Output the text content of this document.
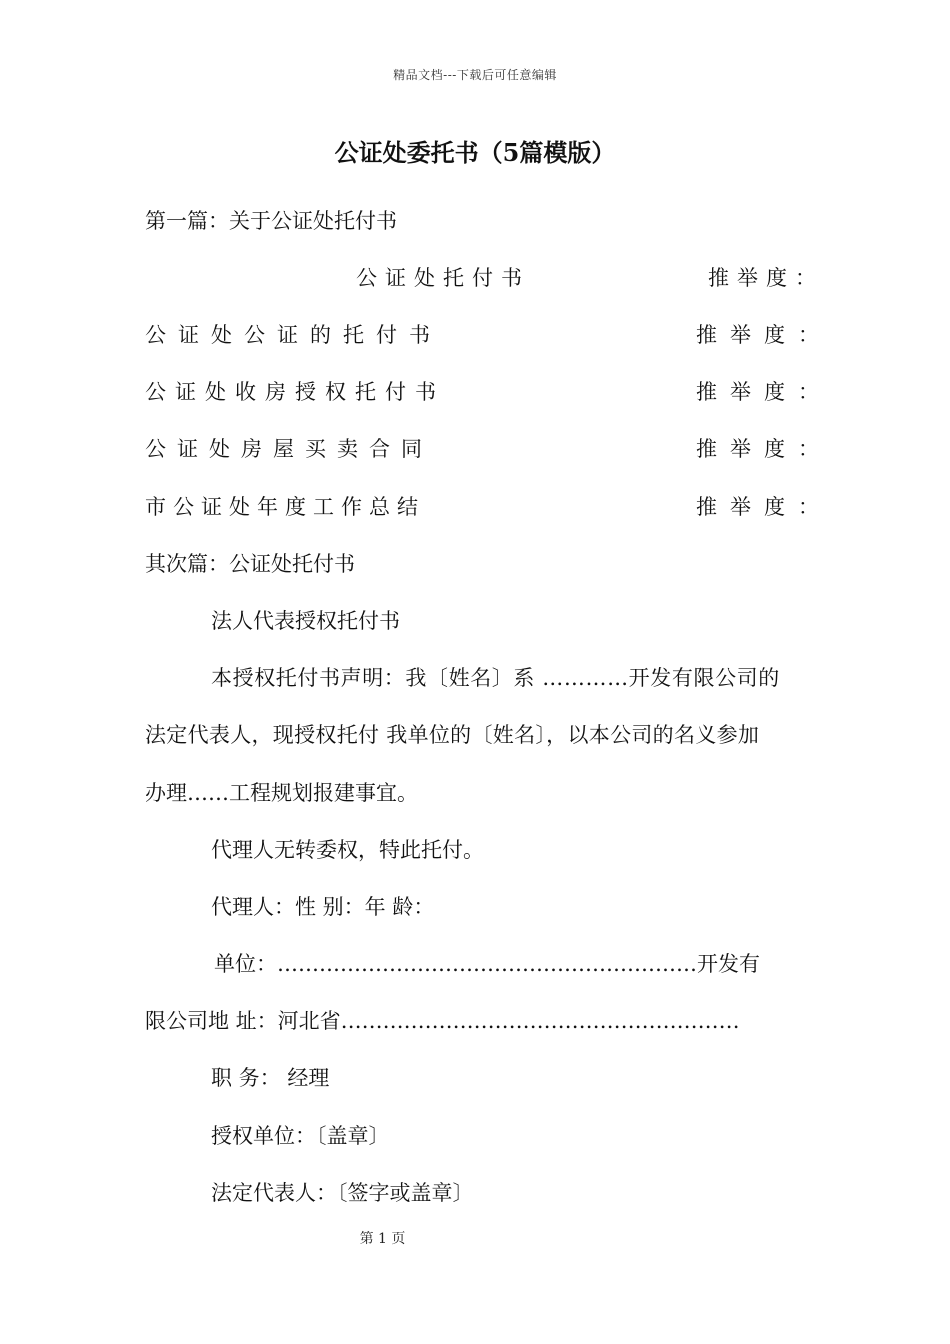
精品文档---下载后可任意编辑
公证处委托书（5篇模版）
第一篇：关于公证处托付书
公证处托付书	推举度：
公证处公证的托付书	推举度：
公证处收房授权托付书	推举度：
公证处房屋买卖合同	推举度：
市公证处年度工作总结	推举度：
其次篇：公证处托付书
法人代表授权托付书
本授权托付书声明：我〔姓名〕系 …………开发有限公司的
法定代表人，现授权托付 我单位的〔姓名〕，以本公司的名义参加
办理……工程规划报建事宜。
代理人无转委权，特此托付。
代理人：性 别：年 龄：
单位：……………………………………………………开发有
限公司地 址：河北省…………………………………………………
职 务： 经理
授权单位：〔盖章〕
法定代表人：〔签字或盖章〕
第 1 页
